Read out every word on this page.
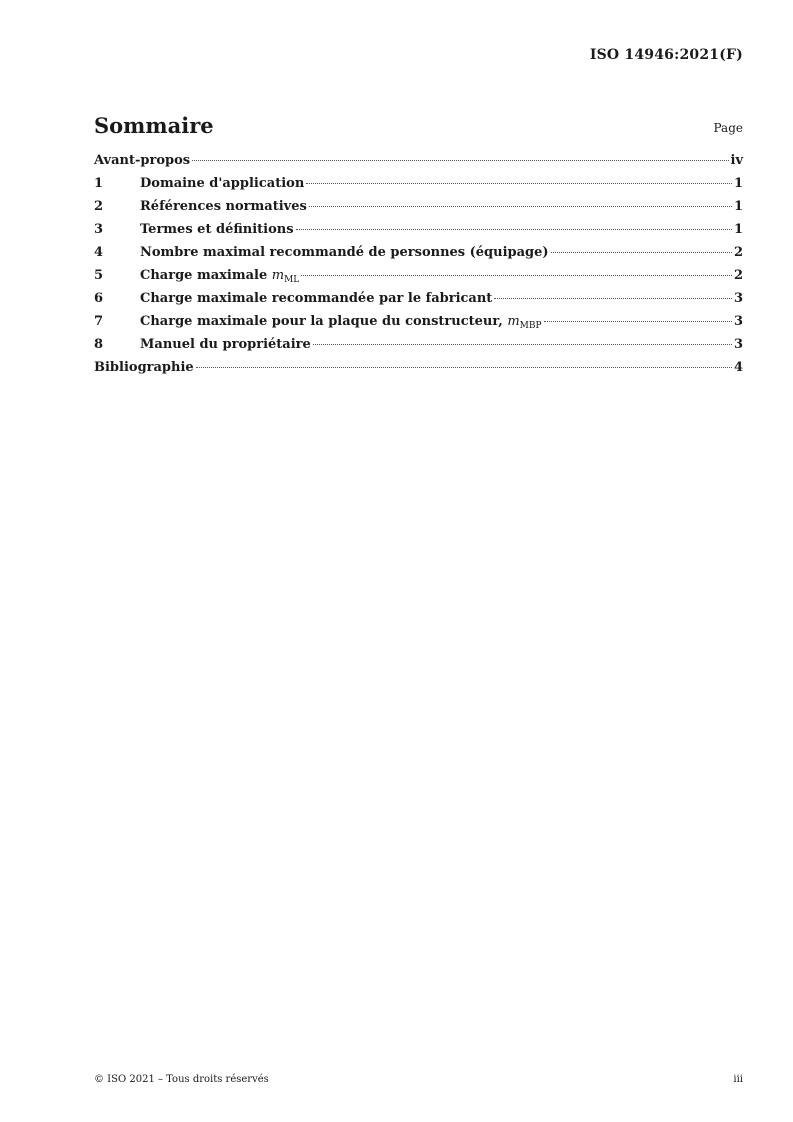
ISO 14946:2021(F)
Sommaire	Page
Avant-propos	iv
1	Domaine d'application	1
2	Références normatives	1
3	Termes et définitions	1
4	Nombre maximal recommandé de personnes (équipage)	2
5	Charge maximale $m_{ML}$	2
6	Charge maximale recommandée par le fabricant	3
7	Charge maximale pour la plaque du constructeur, $m_{MBP}$	3
8	Manuel du propriétaire	3
Bibliographie	4
© ISO 2021 – Tous droits réservés	iii
